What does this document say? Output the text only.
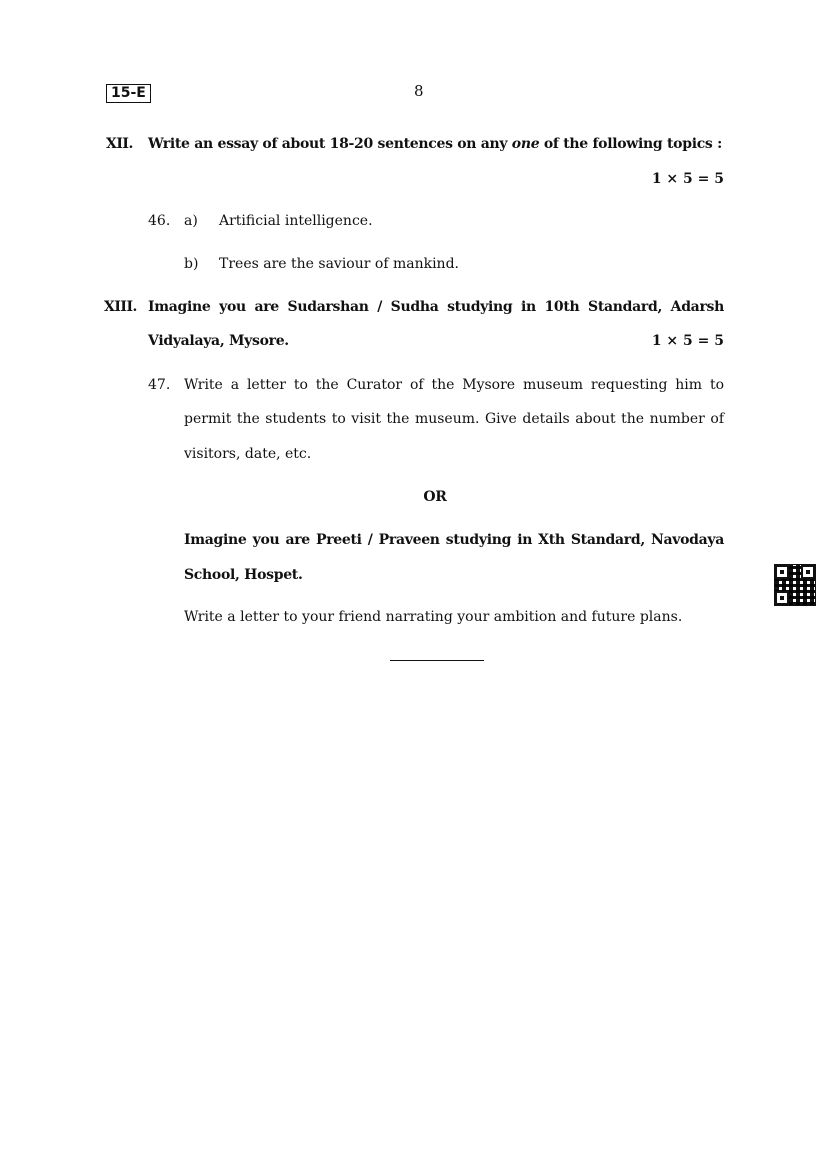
15-E	8
XII. Write an essay of about 18-20 sentences on any one of the following topics :
1 × 5 = 5
46. a) Artificial intelligence.
b) Trees are the saviour of mankind.
XIII. Imagine you are Sudarshan / Sudha studying in 10th Standard, Adarsh
Vidyalaya, Mysore.	1 × 5 = 5
47. Write a letter to the Curator of the Mysore museum requesting him to
permit the students to visit the museum. Give details about the number of
visitors, date, etc.
OR
Imagine you are Preeti / Praveen studying in Xth Standard, Navodaya
School, Hospet.
Write a letter to your friend narrating your ambition and future plans.
